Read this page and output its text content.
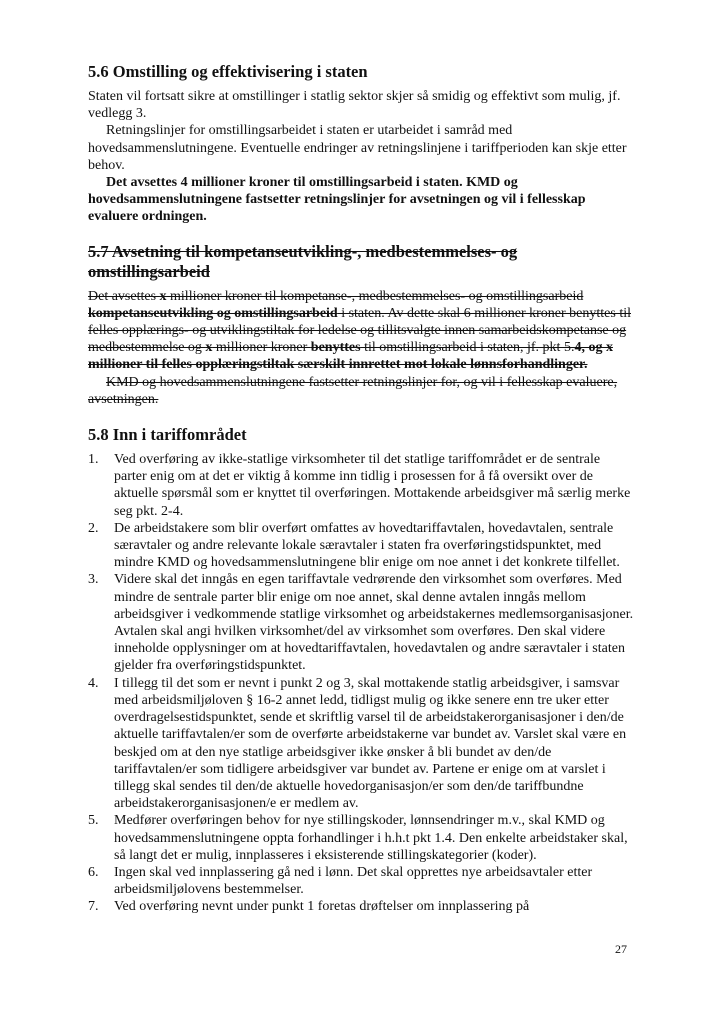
5.6 Omstilling og effektivisering i staten

Staten vil fortsatt sikre at omstillinger i statlig sektor skjer så smidig og effektivt som mulig, jf. vedlegg 3.

Retningslinjer for omstillingsarbeidet i staten er utarbeidet i samråd med hovedsammenslutningene. Eventuelle endringer av retningslinjene i tariffperioden kan skje etter behov.

Det avsettes 4 millioner kroner til omstillingsarbeid i staten. KMD og hovedsammenslutningene fastsetter retningslinjer for avsetningen og vil i fellesskap evaluere ordningen.

5.7 Avsetning til kompetanseutvikling-, medbestemmelses- og omstillingsarbeid

Det avsettes x millioner kroner til kompetanse-, medbestemmelses- og omstillingsarbeid kompetanseutvikling og omstillingsarbeid i staten. Av dette skal 6 millioner kroner benyttes til felles opplærings- og utviklingstiltak for ledelse og tillitsvalgte innen samarbeidskompetanse og medbestemmelse og x millioner kroner benyttes til omstillingsarbeid i staten, jf. pkt 5.4, og x millioner til felles opplæringstiltak særskilt innrettet mot lokale lønnsforhandlinger.

KMD og hovedsammenslutningene fastsetter retningslinjer for, og vil i fellesskap evaluere, avsetningen.

5.8 Inn i tariffområdet
1. Ved overføring av ikke-statlige virksomheter til det statlige tariffområdet er de sentrale parter enig om at det er viktig å komme inn tidlig i prosessen for å få oversikt over de aktuelle spørsmål som er knyttet til overføringen. Mottakende arbeidsgiver må særlig merke seg pkt. 2-4.
2. De arbeidstakere som blir overført omfattes av hovedtariffavtalen, hovedavtalen, sentrale særavtaler og andre relevante lokale særavtaler i staten fra overføringstidspunktet, med mindre KMD og hovedsammenslutningene blir enige om noe annet i det konkrete tilfellet.
3. Videre skal det inngås en egen tariffavtale vedrørende den virksomhet som overføres. Med mindre de sentrale parter blir enige om noe annet, skal denne avtalen inngås mellom arbeidsgiver i vedkommende statlige virksomhet og arbeidstakernes medlemsorganisasjoner. Avtalen skal angi hvilken virksomhet/del av virksomhet som overføres. Den skal videre inneholde opplysninger om at hovedtariffavtalen, hovedavtalen og andre særavtaler i staten gjelder fra overføringstidspunktet.
4. I tillegg til det som er nevnt i punkt 2 og 3, skal mottakende statlig arbeidsgiver, i samsvar med arbeidsmiljøloven § 16-2 annet ledd, tidligst mulig og ikke senere enn tre uker etter overdragelsestidspunktet, sende et skriftlig varsel til de arbeidstakerorganisasjoner i den/de aktuelle tariffavtalen/er som de overførte arbeidstakerne var bundet av. Varslet skal være en beskjed om at den nye statlige arbeidsgiver ikke ønsker å bli bundet av den/de tariffavtalen/er som tidligere arbeidsgiver var bundet av. Partene er enige om at varslet i tillegg skal sendes til den/de aktuelle hovedorganisasjon/er som den/de tariffbundne arbeidstakerorganisasjonen/e er medlem av.
5. Medfører overføringen behov for nye stillingskoder, lønnsendringer m.v., skal KMD og hovedsammenslutningene oppta forhandlinger i h.h.t pkt 1.4. Den enkelte arbeidstaker skal, så langt det er mulig, innplasseres i eksisterende stillingskategorier (koder).
6. Ingen skal ved innplassering gå ned i lønn. Det skal opprettes nye arbeidsavtaler etter arbeidsmiljølovens bestemmelser.
7. Ved overføring nevnt under punkt 1 foretas drøftelser om innplassering på
27
